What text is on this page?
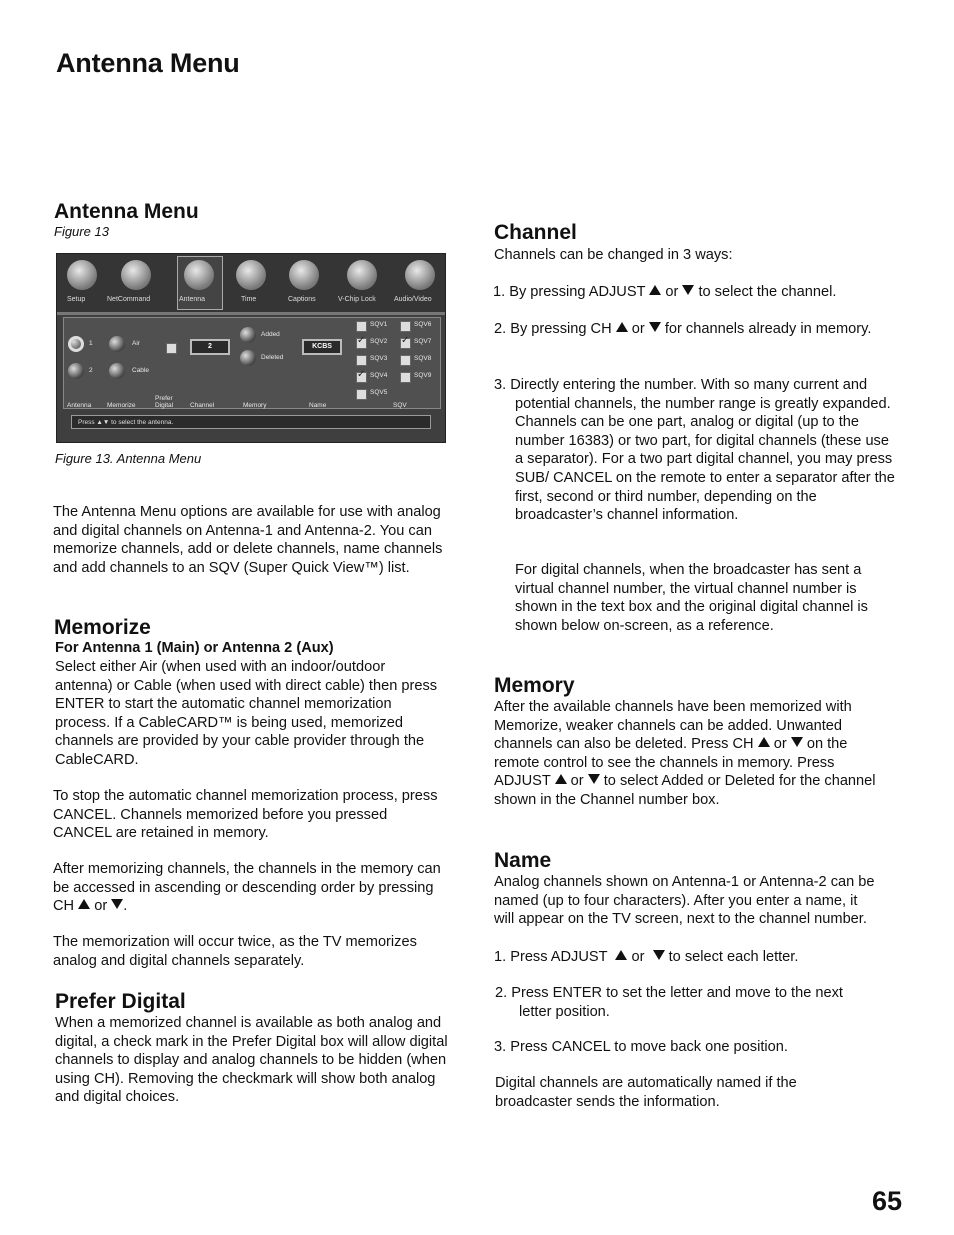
Antenna Menu
Antenna Menu
Figure 13
Setup	NetCommand	Antenna	Time	Captions	V-Chip Lock	Audio/Video
1
2
Air
Cable
2
Added
Deleted
KCBS
SQV1
✓
SQV2
SQV3
✓
SQV4
SQV5
SQV6
✓
SQV7
SQV8
SQV9
Antenna Memorize
Prefer Digital	Channel	Memory	Name	SQV
Press ▲▼ to select the antenna.
Figure 13. Antenna Menu

The Antenna Menu options are available for use with analog and digital channels on Antenna-1 and Antenna-2. You can memorize channels, add or delete channels, name channels and add channels to an SQV (Super Quick View™) list.

Memorize

For Antenna 1 (Main) or Antenna 2 (Aux)

Select either Air (when used with an indoor/outdoor antenna) or Cable (when used with direct cable) then press ENTER to start the automatic channel memorization process. If a CableCARD™ is being used, memorized channels are provided by your cable provider through the CableCARD.

To stop the automatic channel memorization process, press CANCEL. Channels memorized before you pressed CANCEL are retained in memory.

After memorizing channels, the channels in the memory can be accessed in ascending or descending order by pressing CH or .

The memorization will occur twice, as the TV memorizes analog and digital channels separately.

Prefer Digital

When a memorized channel is available as both analog and digital, a check mark in the Prefer Digital box will allow digital channels to display and analog channels to be hidden (when using CH). Removing the checkmark will show both analog and digital choices.

Channel

Channels can be changed in 3 ways:

1. By pressing ADJUST or to select the channel.

2. By pressing CH or for channels already in memory.

3. Directly entering the number. With so many current and potential channels, the number range is greatly expanded. Channels can be one part, analog or digital (up to the number 16383) or two part, for digital channels (these use a separator). For a two part digital channel, you may press SUB/ CANCEL on the remote to enter a separator after the first, second or third number, depending on the broadcaster’s channel information.

For digital channels, when the broadcaster has sent a virtual channel number, the virtual channel number is shown in the text box and the original digital channel is shown below on-screen, as a reference.

Memory

After the available channels have been memorized with Memorize, weaker channels can be added. Unwanted channels can also be deleted. Press CH or on the remote control to see the channels in memory. Press ADJUST or to select Added or Deleted for the channel shown in the Channel number box.

Name

Analog channels shown on Antenna-1 or Antenna-2 can be named (up to four characters). After you enter a name, it will appear on the TV screen, next to the channel number.

1. Press ADJUST or to select each letter.

2. Press ENTER to set the letter and move to the next letter position.

3. Press CANCEL to move back one position.

Digital channels are automatically named if the broadcaster sends the information.

65
